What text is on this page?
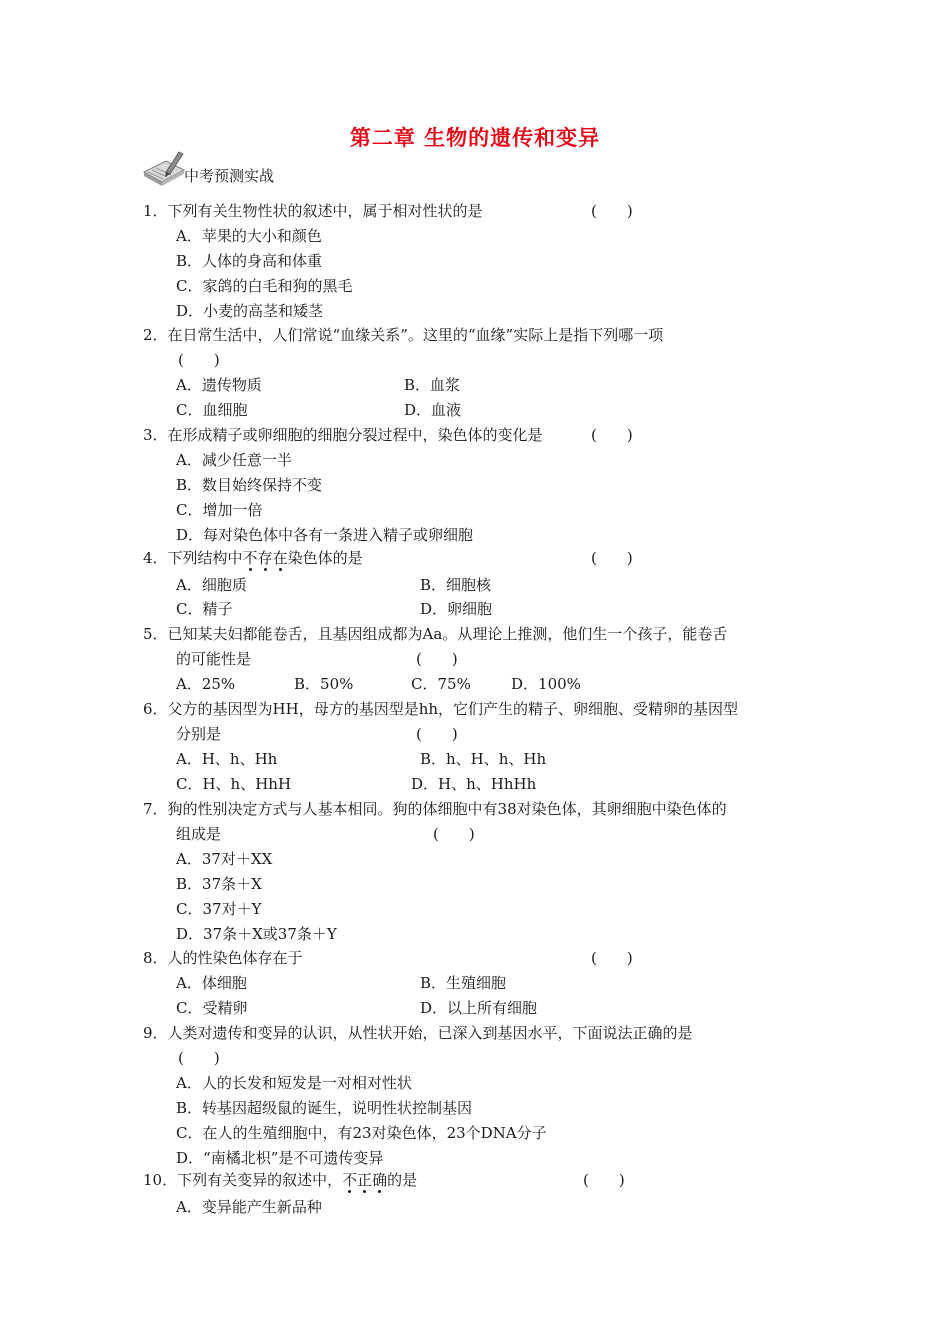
第二章 生物的遗传和变异
中考预测实战
1．下列有关生物性状的叙述中，属于相对性状的是	(　　)
A．苹果的大小和颜色
B．人体的身高和体重
C．家鸽的白毛和狗的黑毛
D．小麦的高茎和矮茎
2．在日常生活中，人们常说“血缘关系”。这里的“血缘”实际上是指下列哪一项
(　　)
A．遗传物质	B．血浆
C．血细胞	D．血液
3．在形成精子或卵细胞的细胞分裂过程中，染色体的变化是	(　　)
A．减少任意一半
B．数目始终保持不变
C．增加一倍
D．每对染色体中各有一条进入精子或卵细胞
4．下列结构中不存在染色体的是	(　　)
A．细胞质	B．细胞核
C．精子	D．卵细胞
5．已知某夫妇都能卷舌，且基因组成都为Aa。从理论上推测，他们生一个孩子，能卷舌
的可能性是	(　　)
A．25%	B．50%	C．75%	D．100%
6．父方的基因型为HH，母方的基因型是hh，它们产生的精子、卵细胞、受精卵的基因型
分别是	(　　)
A．H、h、Hh	B．h、H、h、Hh
C．H、h、HhH	D．H、h、HhHh
7．狗的性别决定方式与人基本相同。狗的体细胞中有38对染色体，其卵细胞中染色体的
组成是	(　　)
A．37对＋XX
B．37条＋X
C．37对＋Y
D．37条＋X或37条＋Y
8．人的性染色体存在于	(　　)
A．体细胞	B．生殖细胞
C．受精卵	D．以上所有细胞
9．人类对遗传和变异的认识，从性状开始，已深入到基因水平，下面说法正确的是
(　　)
A．人的长发和短发是一对相对性状
B．转基因超级鼠的诞生，说明性状控制基因
C．在人的生殖细胞中，有23对染色体，23个DNA分子
D．“南橘北枳”是不可遗传变异
10．下列有关变异的叙述中，不正确的是	(　　)
A．变异能产生新品种
